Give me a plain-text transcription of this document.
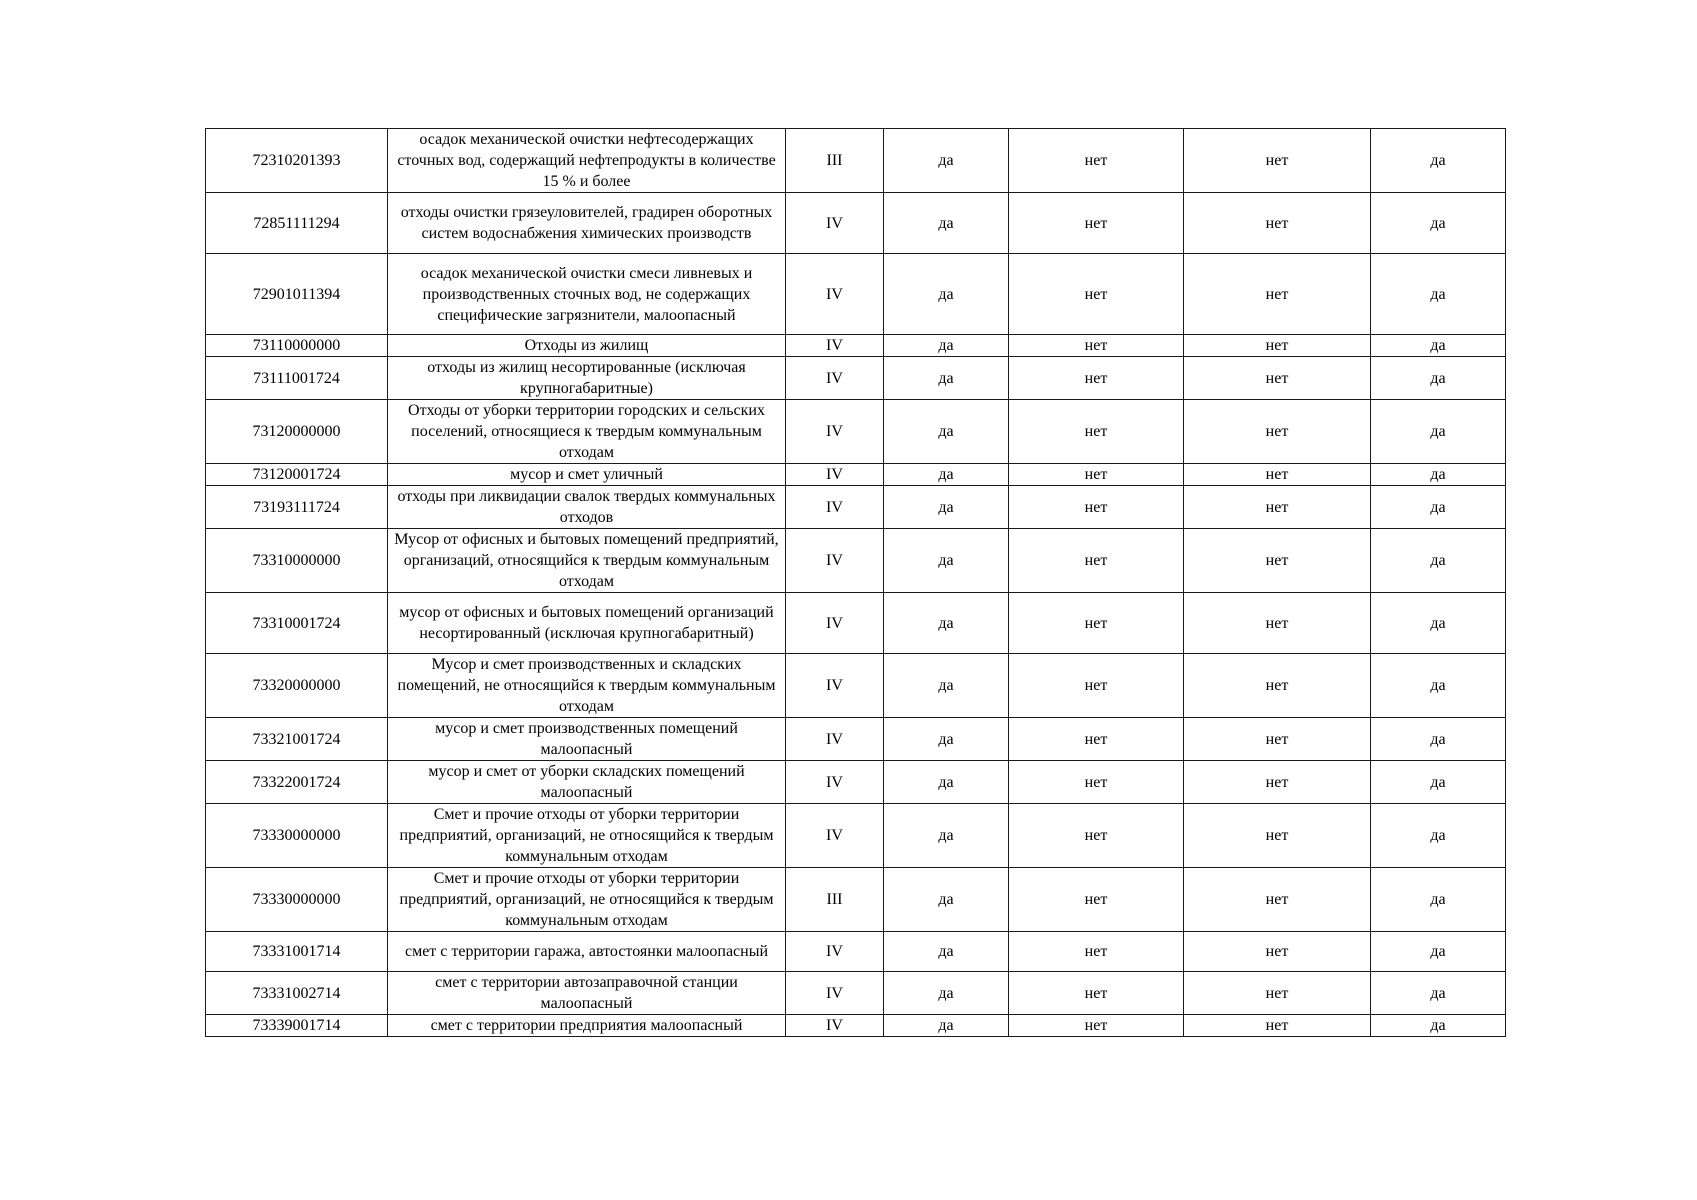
72310201393	осадок механической очистки нефтесодержащих сточных вод, содержащий нефтепродукты в количестве 15 % и более	III	да	нет	нет	да
72851111294	отходы очистки грязеуловителей, градирен оборотных систем водоснабжения химических производств	IV	да	нет	нет	да
72901011394	осадок механической очистки смеси ливневых и производственных сточных вод, не содержащих специфические загрязнители, малоопасный	IV	да	нет	нет	да
73110000000	Отходы из жилищ	IV	да	нет	нет	да
73111001724	отходы из жилищ несортированные (исключая крупногабаритные)	IV	да	нет	нет	да
73120000000	Отходы от уборки территории городских и сельских поселений, относящиеся к твердым коммунальным отходам	IV	да	нет	нет	да
73120001724	мусор и смет уличный	IV	да	нет	нет	да
73193111724	отходы при ликвидации свалок твердых коммунальных отходов	IV	да	нет	нет	да
73310000000	Мусор от офисных и бытовых помещений предприятий, организаций, относящийся к твердым коммунальным отходам	IV	да	нет	нет	да
73310001724	мусор от офисных и бытовых помещений организаций несортированный (исключая крупногабаритный)	IV	да	нет	нет	да
73320000000	Мусор и смет производственных и складских помещений, не относящийся к твердым коммунальным отходам	IV	да	нет	нет	да
73321001724	мусор и смет производственных помещений малоопасный	IV	да	нет	нет	да
73322001724	мусор и смет от уборки складских помещений малоопасный	IV	да	нет	нет	да
73330000000	Смет и прочие отходы от уборки территории предприятий, организаций, не относящийся к твердым коммунальным отходам	IV	да	нет	нет	да
73330000000	Смет и прочие отходы от уборки территории предприятий, организаций, не относящийся к твердым коммунальным отходам	III	да	нет	нет	да
73331001714	смет с территории гаража, автостоянки малоопасный	IV	да	нет	нет	да
73331002714	смет с территории автозаправочной станции малоопасный	IV	да	нет	нет	да
73339001714	смет с территории предприятия малоопасный	IV	да	нет	нет	да
